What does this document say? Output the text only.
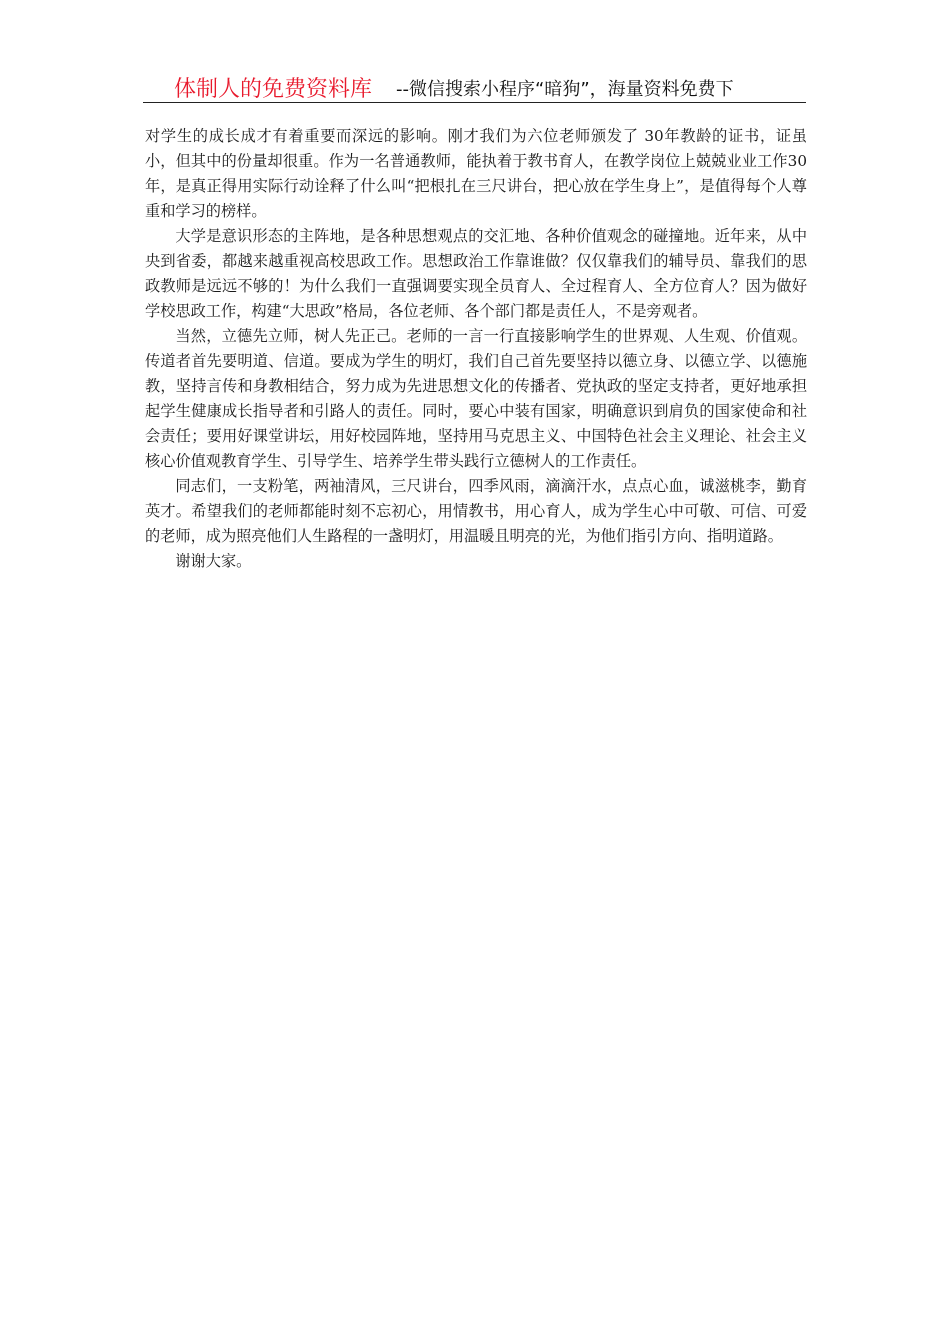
体制人的免费资料库 --微信搜索小程序“暗狗”，海量资料免费下

对学生的成长成才有着重要而深远的影响。刚才我们为六位老师颁发了 30年教龄的证书，证虽小，但其中的份量却很重。作为一名普通教师，能执着于教书育人，在教学岗位上兢兢业业工作30年，是真正得用实际行动诠释了什么叫“把根扎在三尺讲台，把心放在学生身上”，是值得每个人尊重和学习的榜样。

大学是意识形态的主阵地，是各种思想观点的交汇地、各种价值观念的碰撞地。近年来，从中央到省委，都越来越重视高校思政工作。思想政治工作靠谁做？仅仅靠我们的辅导员、靠我们的思政教师是远远不够的！为什么我们一直强调要实现全员育人、全过程育人、全方位育人？因为做好学校思政工作，构建“大思政”格局，各位老师、各个部门都是责任人，不是旁观者。

当然，立德先立师，树人先正己。老师的一言一行直接影响学生的世界观、人生观、价值观。传道者首先要明道、信道。要成为学生的明灯，我们自己首先要坚持以德立身、以德立学、以德施教，坚持言传和身教相结合，努力成为先进思想文化的传播者、党执政的坚定支持者，更好地承担起学生健康成长指导者和引路人的责任。同时，要心中装有国家，明确意识到肩负的国家使命和社会责任；要用好课堂讲坛，用好校园阵地，坚持用马克思主义、中国特色社会主义理论、社会主义核心价值观教育学生、引导学生、培养学生带头践行立德树人的工作责任。

同志们，一支粉笔，两袖清风，三尺讲台，四季风雨，滴滴汗水，点点心血，诚滋桃李，勤育英才。希望我们的老师都能时刻不忘初心，用情教书，用心育人，成为学生心中可敬、可信、可爱的老师，成为照亮他们人生路程的一盏明灯，用温暖且明亮的光，为他们指引方向、指明道路。

谢谢大家。
